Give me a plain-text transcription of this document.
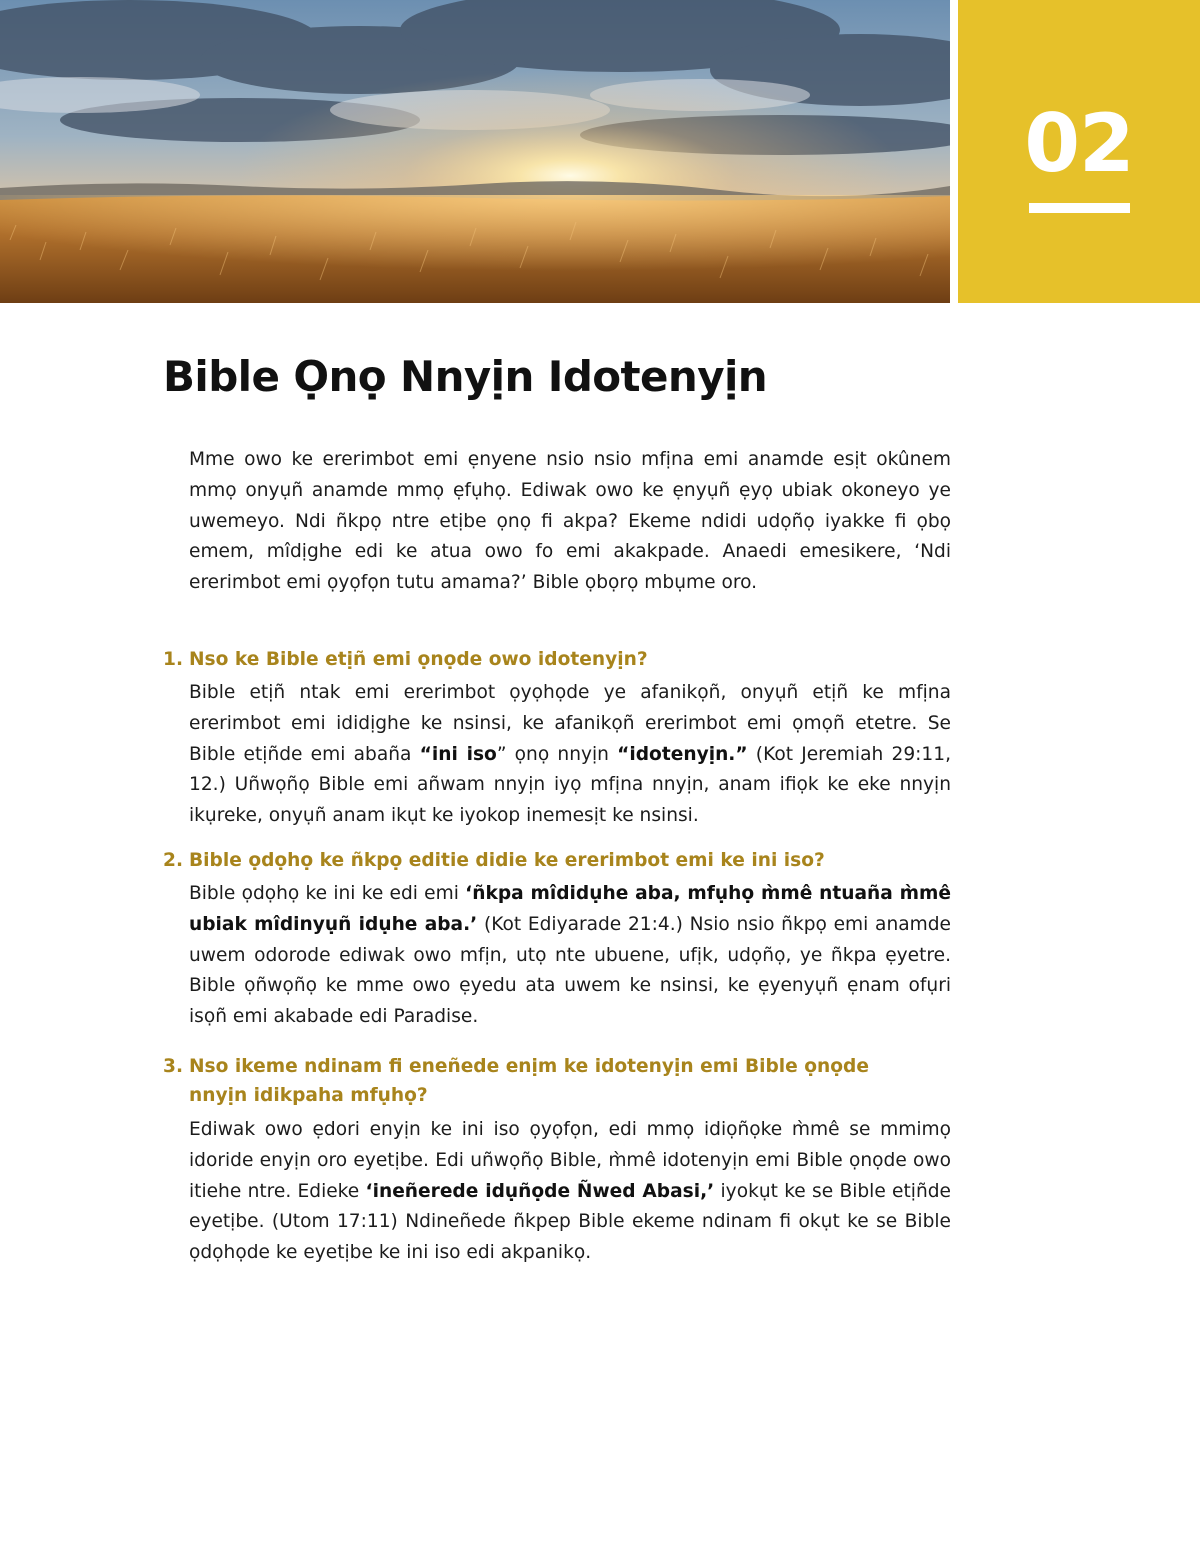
02
Bible Ọnọ Nnyịn Idotenyịn

Mme owo ke ererimbot emi ẹnyene nsio nsio mfịna emi anamde esịt okûnem mmọ onyụñ anamde mmọ ẹfụhọ. Ediwak owo ke ẹnyụñ ẹyọ ubiak okoneyo ye uwemeyo. Ndi ñkpọ ntre etịbe ọnọ fi akpa? Ekeme ndidi udọñọ iyakke fi ọbọ emem, mîdịghe edi ke atua owo fo emi akakpade. Anaedi emesikere, ‘Ndi ererimbot emi ọyọfọn tutu amama?’ Bible ọbọrọ mbụme oro.

1. Nso ke Bible etịñ emi ọnọde owo idotenyịn?

Bible etịñ ntak emi ererimbot ọyọhọde ye afanikọñ, onyụñ etịñ ke mfịna ererimbot emi ididịghe ke nsinsi, ke afanikọñ ererimbot emi ọmọñ etetre. Se Bible etịñde emi abaña “ini iso” ọnọ nnyịn “idotenyịn.” (Kot Jeremiah 29:11, 12.) Uñwọñọ Bible emi añwam nnyịn iyọ mfịna nnyịn, anam ifiọk ke eke nnyịn ikụreke, onyụñ anam ikụt ke iyokop inemesịt ke nsinsi.

2. Bible ọdọhọ ke ñkpọ editie didie ke ererimbot emi ke ini iso?

Bible ọdọhọ ke ini ke edi emi ‘ñkpa mîdidụhe aba, mfụhọ m̀mê ntuaña m̀mê ubiak mîdinyụñ idụhe aba.’ (Kot Ediyarade 21:4.) Nsio nsio ñkpọ emi anamde uwem odorode ediwak owo mfịn, utọ nte ubuene, ufịk, udọñọ, ye ñkpa ẹyetre. Bible ọñwọñọ ke mme owo ẹyedu ata uwem ke nsinsi, ke ẹyenyụñ ẹnam ofụri isọñ emi akabade edi Paradise.

3. Nso ikeme ndinam fi eneñede enịm ke idotenyịn emi Bible ọnọde
nnyịn idikpaha mfụhọ?

Ediwak owo ẹdori enyịn ke ini iso ọyọfọn, edi mmọ idiọñọke m̀mê se mmimọ idoride enyịn oro eyetịbe. Edi uñwọñọ Bible, m̀mê idotenyịn emi Bible ọnọde owo itiehe ntre. Edieke ‘ineñerede idụñọde Ñwed Abasi,’ iyokụt ke se Bible etịñde eyetịbe. (Utom 17:11) Ndineñede ñkpep Bible ekeme ndinam fi okụt ke se Bible ọdọhọde ke eyetịbe ke ini iso edi akpanikọ.
